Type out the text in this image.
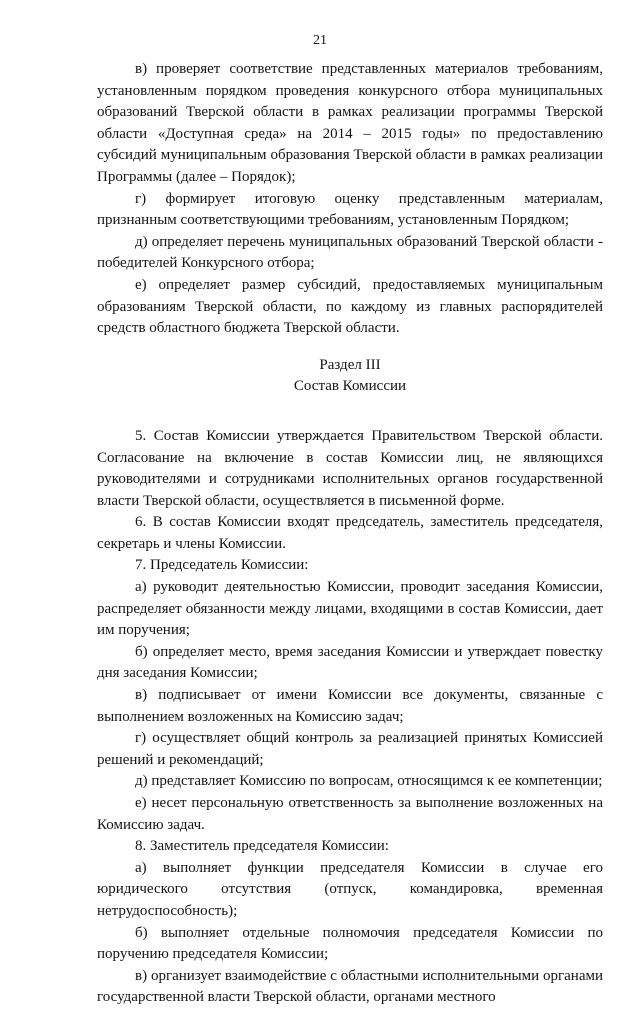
21

в) проверяет соответствие представленных материалов требованиям, установленным порядком проведения конкурсного отбора муниципальных образований Тверской области в рамках реализации программы Тверской области «Доступная среда» на 2014 – 2015 годы» по предоставлению субсидий муниципальным образования Тверской области в рамках реализации Программы (далее – Порядок);

г) формирует итоговую оценку представленным материалам, признанным соответствующими требованиям, установленным Порядком;

д) определяет перечень муниципальных образований Тверской области - победителей Конкурсного отбора;

е) определяет размер субсидий, предоставляемых муниципальным образованиям Тверской области, по каждому из главных распорядителей средств областного бюджета Тверской области.

Раздел III

Состав Комиссии

5. Состав Комиссии утверждается Правительством Тверской области. Согласование на включение в состав Комиссии лиц, не являющихся руководителями и сотрудниками исполнительных органов государственной власти Тверской области, осуществляется в письменной форме.

6. В состав Комиссии входят председатель, заместитель председателя, секретарь и члены Комиссии.

7. Председатель Комиссии:

а) руководит деятельностью Комиссии, проводит заседания Комиссии, распределяет обязанности между лицами, входящими в состав Комиссии, дает им поручения;

б) определяет место, время заседания Комиссии и утверждает повестку дня заседания Комиссии;

в) подписывает от имени Комиссии все документы, связанные с выполнением возложенных на Комиссию задач;

г) осуществляет общий контроль за реализацией принятых Комиссией решений и рекомендаций;

д) представляет Комиссию по вопросам, относящимся к ее компетенции;

е) несет персональную ответственность за выполнение возложенных на Комиссию задач.

8. Заместитель председателя Комиссии:

а) выполняет функции председателя Комиссии в случае его юридического отсутствия (отпуск, командировка, временная нетрудоспособность);

б) выполняет отдельные полномочия председателя Комиссии по поручению председателя Комиссии;

в) организует взаимодействие с областными исполнительными органами государственной власти Тверской области, органами местного
